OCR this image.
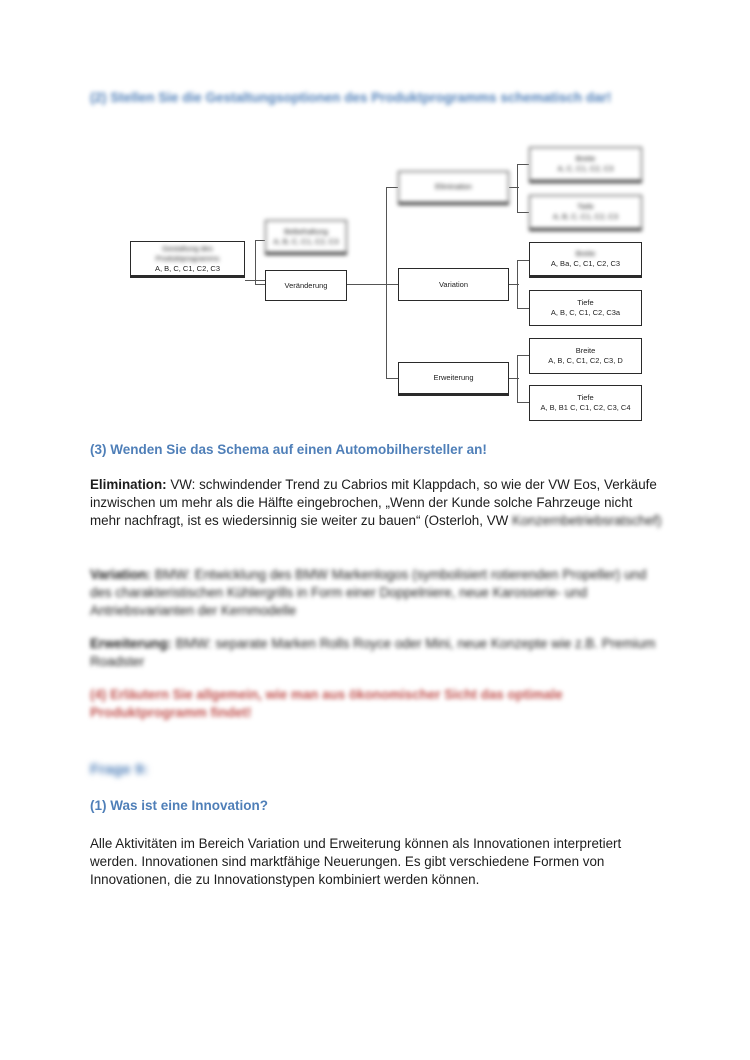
(2) Stellen Sie die Gestaltungsoptionen des Produktprogramms schematisch dar!
Gestaltung des Produktprogramms
A, B, C, C1, C2, C3
Beibehaltung
A, B, C, C1, C2, C3
Veränderung
Elimination
Variation
Erweiterung
Breite
A, C, C1, C2, C3
Tiefe
A, B, C, C1, C2, C3
Breite
A, Ba, C, C1, C2, C3
Tiefe
A, B, C, C1, C2, C3a
Breite
A, B, C, C1, C2, C3, D
Tiefe
A, B, B1 C, C1, C2, C3, C4
(3) Wenden Sie das Schema auf einen Automobilhersteller an!
Elimination: VW: schwindender Trend zu Cabrios mit Klappdach, so wie der VW Eos, Verkäufe inzwischen um mehr als die Hälfte eingebrochen, „Wenn der Kunde solche Fahrzeuge nicht mehr nachfragt, ist es wiedersinnig sie weiter zu bauen“ (Osterloh, VW Konzernbetriebsratschef)
Variation: BMW: Entwicklung des BMW Markenlogos (symbolisiert rotierenden Propeller) und des charakteristischen Kühlergrills in Form einer Doppelniere, neue Karosserie- und Antriebsvarianten der Kernmodelle
Erweiterung: BMW: separate Marken Rolls Royce oder Mini, neue Konzepte wie z.B. Premium Roadster
(4) Erläutern Sie allgemein, wie man aus ökonomischer Sicht das optimale Produktprogramm findet!
Frage 9:
(1) Was ist eine Innovation?
Alle Aktivitäten im Bereich Variation und Erweiterung können als Innovationen interpretiert werden. Innovationen sind marktfähige Neuerungen. Es gibt verschiedene Formen von Innovationen, die zu Innovationstypen kombiniert werden können.
